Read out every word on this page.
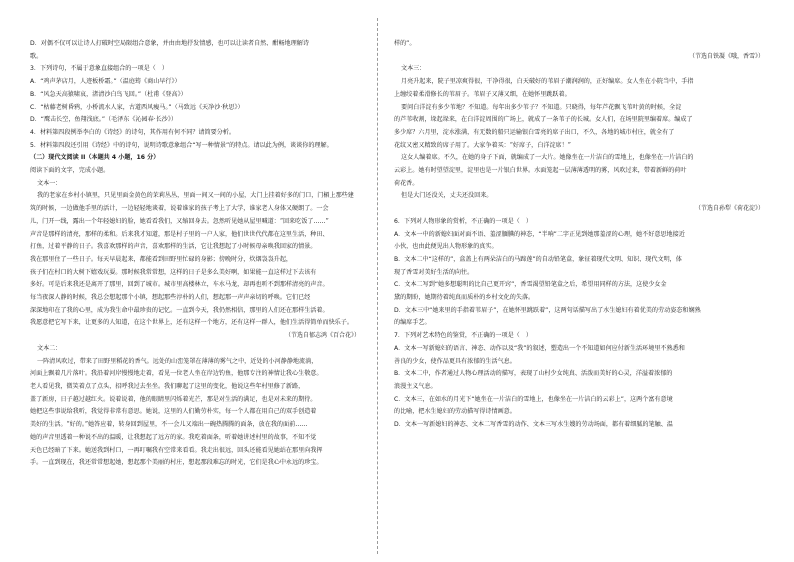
D．对偶不仅可以让诗人打破时空局限组合意象，并由由地抒发情感，也可以让读者自然、酣畅地理解诗
歌。
3．下列诗句，不属于意象直接组合的一项是（　）
A．“鸡声茅店月，人迹板桥霜。”（温庭筠《商山早行》）
B．“风急天高猿啸哀，渚清沙白鸟飞回。”（杜甫《登高》）
C．“枯藤老树昏鸦，小桥流水人家，古道西风瘦马。”（马致远《天净沙·秋思》）
D．“鹰击长空，鱼翔浅底。”（毛泽东《沁园春·长沙》）
4．材料第四段例举李白的《诗经》的诗句，其作用有何不同？请简要分析。
5．材料第四段还引用《诗经》中的诗句，说明诗歌意象组合“写一种情景”的特点。请以此为例，谈谈你的理解。
（二）现代文阅读 II（本题共 4 小题，16 分）
阅读下面的文字，完成小题。
文本一：
我的老家在乡村小镇里，只见里面金黄色的茉莉丛丛，里面一间又一间的小屋，大门上挂着好多的门口，门楣上那些建
筑的时候，一边做他手里的活计，一边轻轻地谈着，说着谁家的孩子考上了大学，谁家老人身体又硬朗了。一会
儿，门开一线，露出一个年轻媳妇的脸，她看看我们，又缩回身去。忽然听见她从屋里喊道：“回来吃饭了……”
声音是那样的清亮，那样的柔和。后来我才知道，那是村子里的一户人家，他们世世代代都在这里生活，种田、
打鱼，过着平静的日子。我喜欢那样的声音，喜欢那样的生活，它让我想起了小时候母亲唤我回家的情景。
我在那里住了一些日子。每天早晨起来，都能看到田野里忙碌的身影；傍晚时分，炊烟袅袅升起，
孩子们在村口的大树下嬉戏玩耍。那时候我常常想，这样的日子是多么美好啊，如果能一直这样过下去该有
多好。可是后来我还是离开了那里，回到了城市。城市里高楼林立，车水马龙，却再也听不到那样清亮的声音。
每当夜深人静的时候，我总会想起那个小镇，想起那些淳朴的人们，想起那一声声亲切的呼唤。它们已经
深深地印在了我的心里，成为我生命中最珍贵的记忆。一直到今天，我仍然相信，那里的人们还在那样生活着。
我愿意把它写下来，让更多的人知道，在这个世界上，还有这样一个地方，还有这样一群人，他们生活得简单而快乐子。
（节选自郁志鸿《百合花》）
文本二：
一阵清风吹过，带来了田野里稻花的香气。远处的山峦笼罩在薄薄的雾气之中，近处的小河静静地流淌，
河面上飘着几片落叶。我沿着河岸慢慢地走着，看见一位老人坐在岸边钓鱼，他那专注的神情让我心生敬意。
老人看见我，微笑着点了点头，招呼我过去坐坐。我们聊起了这里的变化，他说这些年村里修了新路，
盖了新房，日子越过越红火。说着说着，他的眼睛里闪烁着光芒，那是对生活的满足，也是对未来的期待。
她把这些事说给我听，我觉得非常有意思。她说，这里的人们勤劳朴实，每一个人都在用自己的双手创造着
美好的生活。“好的。”她答应着，转身回到屋里，不一会儿又端出一碗热腾腾的面条，放在我的面前……
她的声音里透着一种说不出的温暖，让我想起了远方的家。我吃着面条，听着她讲述村里的故事，不知不觉
天色已经暗了下来。她送我到村口，一再叮嘱我有空常来看看。我走出很远，回头还能看见她站在那里向我挥
手。一直到现在，我还常常想起她，想起那个美丽的村庄，想起那段难忘的时光，它们是我心中永远的珍宝。
样的”。
（节选自铁凝《哦，香雪》）
文本三：
月亮升起来，院子里凉爽得很，干净得很，白天破好的苇眉子潮润润的，正好编席。女人坐在小院当中，手指
上缠绞着柔滑修长的苇眉子。苇眉子又薄又细，在她怀里跳跃着。
要问白洋淀有多少苇地？不知道。每年出多少苇子？不知道。只晓得，每年芦花飘飞苇叶黄的时候，全淀
的芦苇收割，垛起垛来，在白洋淀周围的广场上，就成了一条苇子的长城。女人们，在场里院里编着席。编成了
多少席？六月里，淀水涨满，有无数的船只运输银白雪亮的席子出口，不久，各地的城市村庄，就全有了
花纹又密又精致的席子用了。大家争着买：“好席子，白洋淀席！”
这女人编着席。不久，在她的身子下面，就编成了一大片。她像坐在一片洁白的雪地上，也像坐在一片洁白的
云彩上。她有时望望淀里，淀里也是一片银白世界。水面笼起一层薄薄透明的雾，风吹过来，带着新鲜的荷叶
荷花香。
但是大门还没关，丈夫还没回来。
（节选自孙犁《荷花淀》）
6．下列对人物形象的赏析，不正确的一项是（　）
A．文本一中的新媳妇面对面不语、羞涩腼腆的神态，“半响”二字正见到她那羞涩的心理，她不好意思地接近
小伙，也由此便见出人物形象的真实。
B．文本二中“这样的”，盒盖上有两朵洁白的马蹄莲”的自动铅笔盒，象征着现代文明、知识、现代文明，体
现了香雪对美好生活的向往。
C．文本二写到“她多想聪明的比自己更开窍”，香雪渴望铅笔盒之后，希望用同样的方法，这使少女金
黛的期盼，她期待着纯真而质朴的乡村文化的失落。
D．文本三中“她来里的手指着苇眉子”，在她怀里跳跃着”，这两句话描写出了水生媳妇有着优美的劳动姿态和娴熟
的编席手艺。
7．下列对艺术特色的鉴赏，不正确的一项是（　）
A．文本一写新媳妇的语言、神态、动作以及“我”的叙述，塑造出一个不知道如何应付新生活环境里不熟悉和
善良的少女，使作品更具有浓郁的生活气息。
B．文本二中，作者通过人物心理活动的描写，表现了山村少女纯真、活泼而美好的心灵，洋溢着浓郁的
浪漫主义气息。
C．文本三，在如水的月光下“她坐在一片洁白的雪地上，也像坐在一片洁白的云彩上”，这两个富有意境
的比喻，把水生媳妇的劳动描写得诗情画意。
D．文本一写新媳妇的神态、文本二写香雪的动作、文本三写水生嫂的劳动场面，都有着细腻的笔触、温
